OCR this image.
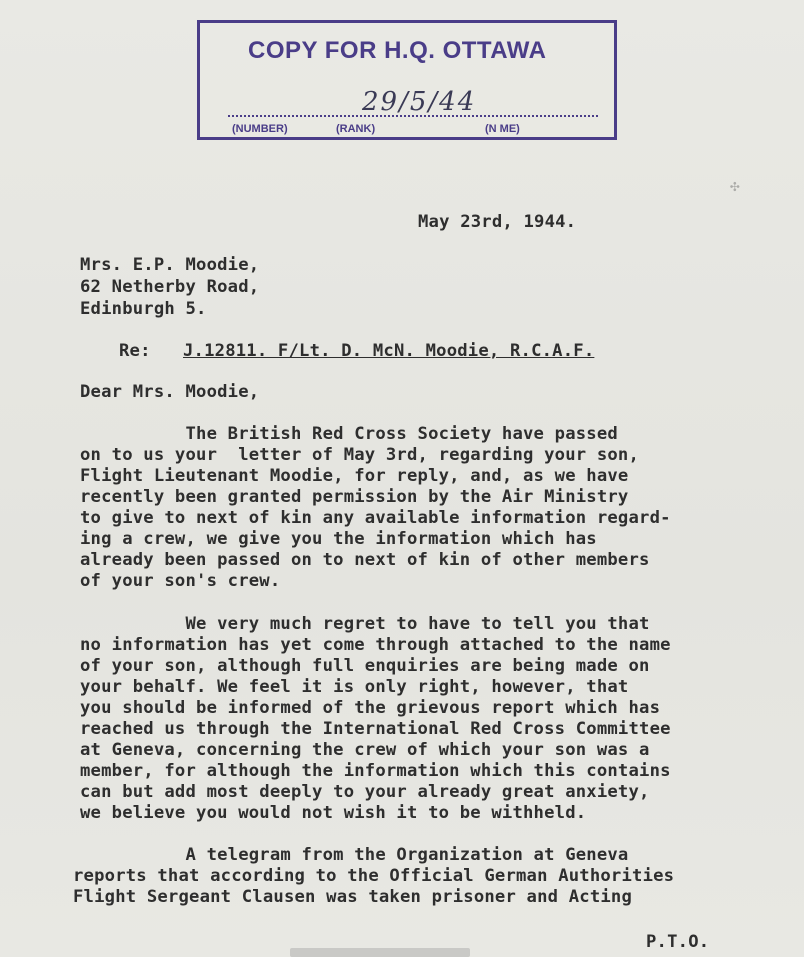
✣
COPY FOR H.Q. OTTAWA
29/5/44
(NUMBER)	(RANK)	(N ME)
May 23rd, 1944.
Mrs. E.P. Moodie,
62 Netherby Road,
Edinburgh 5.
Re: J.12811. F/Lt. D. McN. Moodie, R.C.A.F.
Dear Mrs. Moodie,
The British Red Cross Society have passed
on to us your  letter of May 3rd, regarding your son,
Flight Lieutenant Moodie, for reply, and, as we have
recently been granted permission by the Air Ministry
to give to next of kin any available information regard-
ing a crew, we give you the information which has
already been passed on to next of kin of other members
of your son's crew.
We very much regret to have to tell you that
no information has yet come through attached to the name
of your son, although full enquiries are being made on
your behalf. We feel it is only right, however, that
you should be informed of the grievous report which has
reached us through the International Red Cross Committee
at Geneva, concerning the crew of which your son was a
member, for although the information which this contains
can but add most deeply to your already great anxiety,
we believe you would not wish it to be withheld.
A telegram from the Organization at Geneva
reports that according to the Official German Authorities
Flight Sergeant Clausen was taken prisoner and Acting
P.T.O.
